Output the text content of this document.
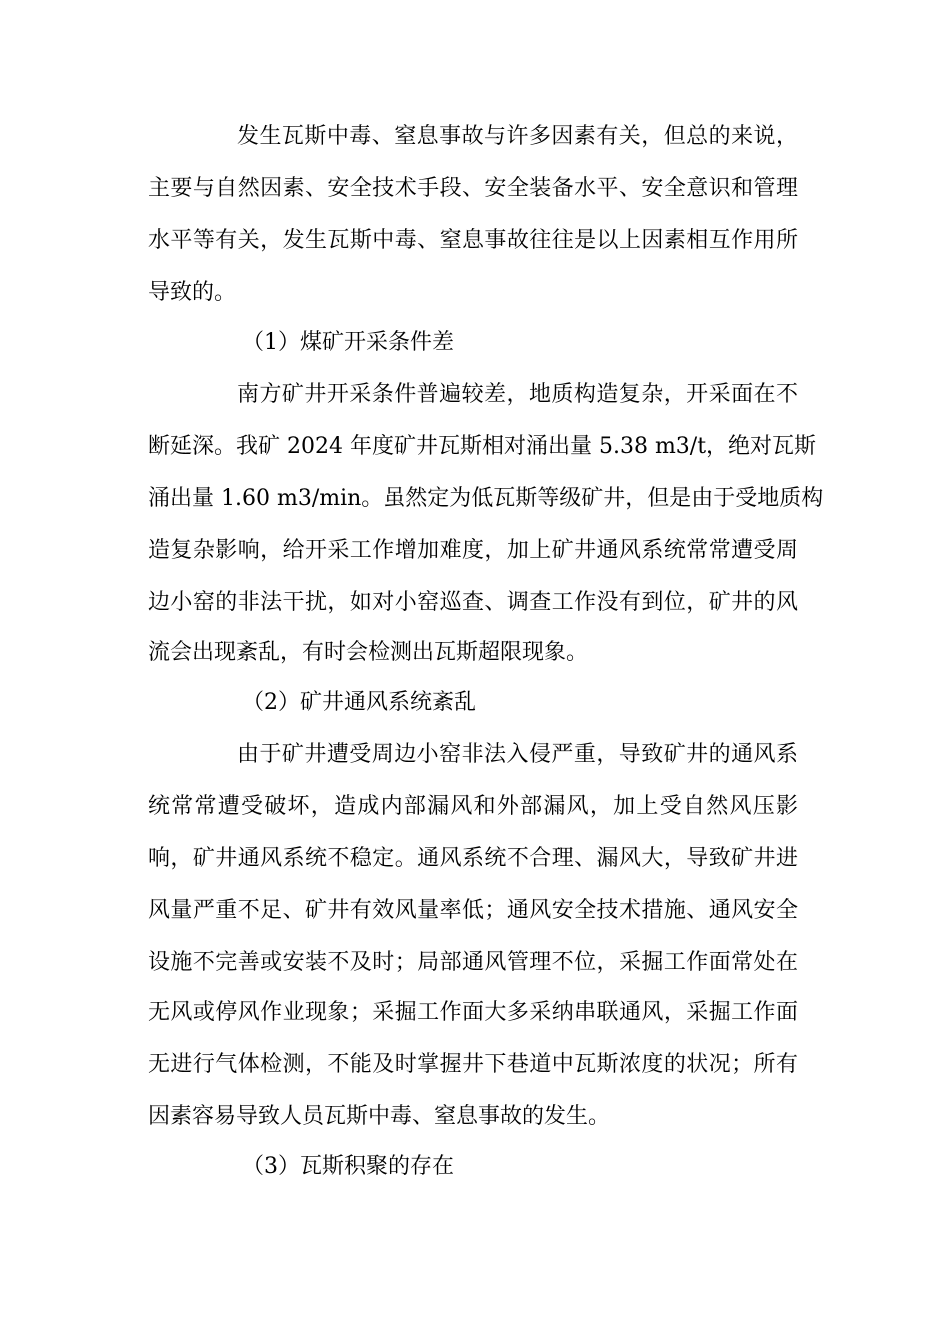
发生瓦斯中毒、窒息事故与许多因素有关，但总的来说，
主要与自然因素、安全技术手段、安全装备水平、安全意识和管理
水平等有关，发生瓦斯中毒、窒息事故往往是以上因素相互作用所
导致的。
（1）煤矿开采条件差
南方矿井开采条件普遍较差，地质构造复杂，开采面在不
断延深。我矿 2024 年度矿井瓦斯相对涌出量 5.38 m3/t，绝对瓦斯
涌出量 1.60 m3/min。虽然定为低瓦斯等级矿井，但是由于受地质构
造复杂影响，给开采工作增加难度，加上矿井通风系统常常遭受周
边小窑的非法干扰，如对小窑巡查、调查工作没有到位，矿井的风
流会出现紊乱，有时会检测出瓦斯超限现象。
（2）矿井通风系统紊乱
由于矿井遭受周边小窑非法入侵严重，导致矿井的通风系
统常常遭受破坏，造成内部漏风和外部漏风，加上受自然风压影
响，矿井通风系统不稳定。通风系统不合理、漏风大，导致矿井进
风量严重不足、矿井有效风量率低；通风安全技术措施、通风安全
设施不完善或安装不及时；局部通风管理不位，采掘工作面常处在
无风或停风作业现象；采掘工作面大多采纳串联通风，采掘工作面
无进行气体检测，不能及时掌握井下巷道中瓦斯浓度的状况；所有
因素容易导致人员瓦斯中毒、窒息事故的发生。
（3）瓦斯积聚的存在
